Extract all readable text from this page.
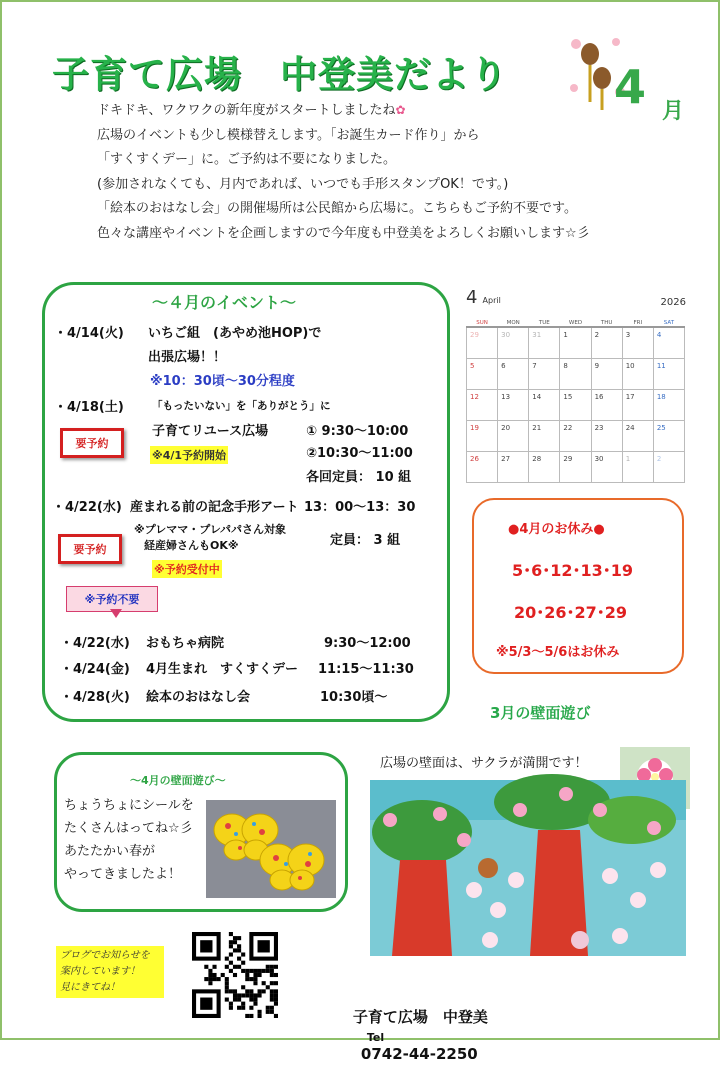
子育て広場　中登美だより 4 月
ドキドキ、ワクワクの新年度がスタートしましたね✿
広場のイベントも少し模様替えします。「お誕生カード作り」から
「すくすくデー」に。ご予約は不要になりました。
(参加されなくても、月内であれば、いつでも手形スタンプOK！です。)
「絵本のおはなし会」の開催場所は公民館から広場に。こちらもご予約不要です。
色々な講座やイベントを企画しますので今年度も中登美をよろしくお願いします☆彡
～４月のイベント～
・4/14(火) いちご組　(あやめ池HOP)で
出張広場！！
※10：30頃～30分程度
・4/18(土)	「もったいない」を「ありがとう」に
子育てリユース広場	① 9:30～10:00
②10:30～11:00
各回定員： 10 組
要予約
※4/1予約開始
・4/22(水) 産まれる前の記念手形アート 13：00～13：30
※プレママ・プレパパさん対象
経産婦さんもOK※	定員： 3 組
要予約
※予約受付中
※予約不要
・4/22(水) おもちゃ病院	9:30～12:00
・4/24(金) 4月生まれ　すくすくデー 11:15～11:30
・4/28(火) 絵本のおはなし会	10:30頃～
4 April	2026
SUN	MON	TUE	WED	THU	FRI	SAT
29	30	31	1	2	3	4
5	6	7	8	9	10	11
12	13	14	15	16	17	18
19	20	21	22	23	24	25
26	27	28	29	30	1	2
●4月のお休み●
5･6･12･13･19
20･26･27･29
※5/3～5/6はお休み
3月の壁面遊び
～4月の壁面遊び～
ちょうちょにシールを
たくさんはってね☆彡
あたたかい春が
やってきましたよ！
広場の壁面は、サクラが満開です！
ブログでお知らせを
案内しています！
見にきてね！

子育て広場　中登美
Tel
0742-44-2250
